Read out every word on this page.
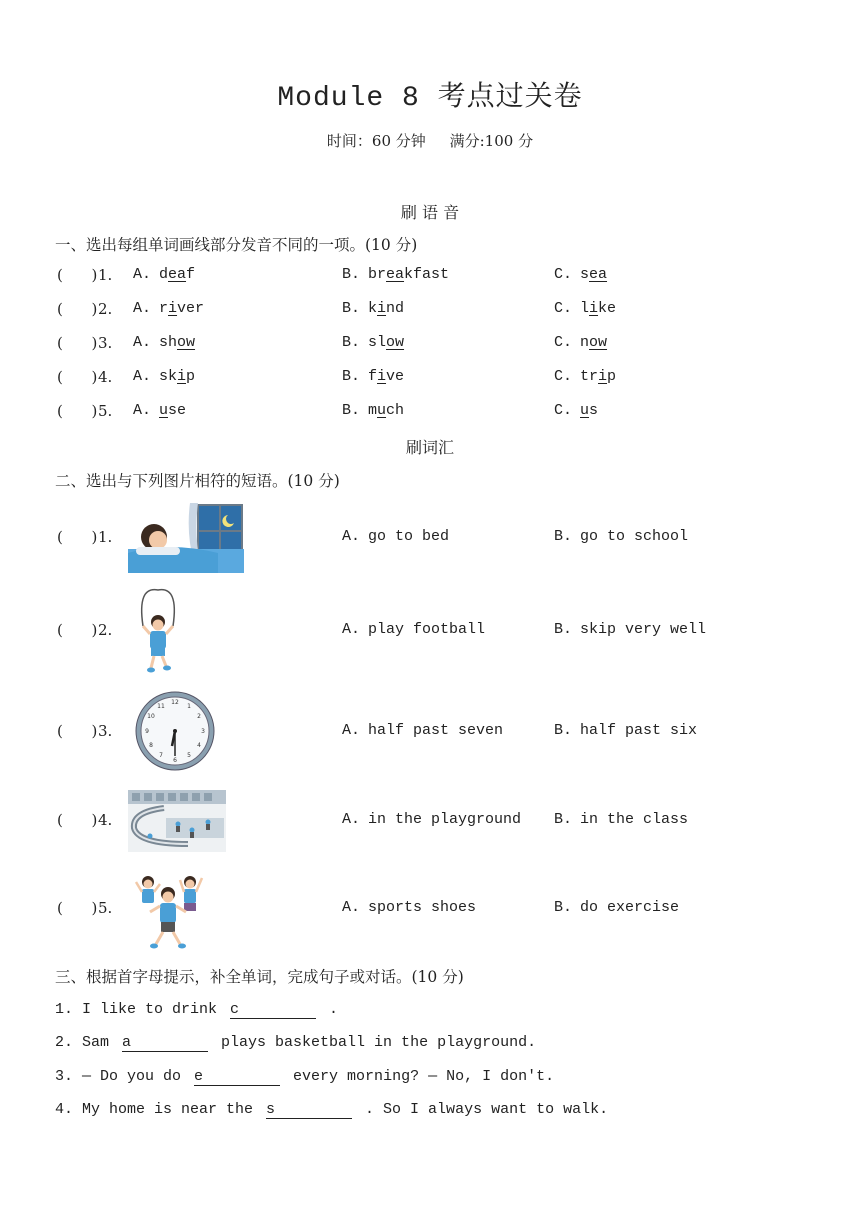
Module 8 考点过关卷
时间：60 分钟     满分:100 分
刷 语 音
一、选出每组单词画线部分发音不同的一项。(10 分)
(      ) 1. A. deaf	B. breakfast	C. sea
(      ) 2. A. river	B. kind	C. like
(      ) 3. A. show	B. slow	C. now
(      ) 4. A. skip	B. five	C. trip
(      ) 5. A. use	B. much	C. us
刷词汇
二、选出与下列图片相符的短语。(10 分)
(      ) 1.	A. go to bed	B. go to school
(      ) 2.	A. play football	B. skip very well
(      ) 3.	A. half past seven	B. half past six
(      ) 4.	A. in the playground B. in the class
(      ) 5.	A. sports shoes	B. do exercise
12
1
2
3
4
5
6
7
8
9
10
11
三、根据首字母提示，补全单词，完成句子或对话。(10 分)
1. I like to drink c	.
2. Sam a	plays basketball in the playground.
3. — Do you do e	every morning? — No, I don't.
4. My home is near the s	. So I always want to walk.
